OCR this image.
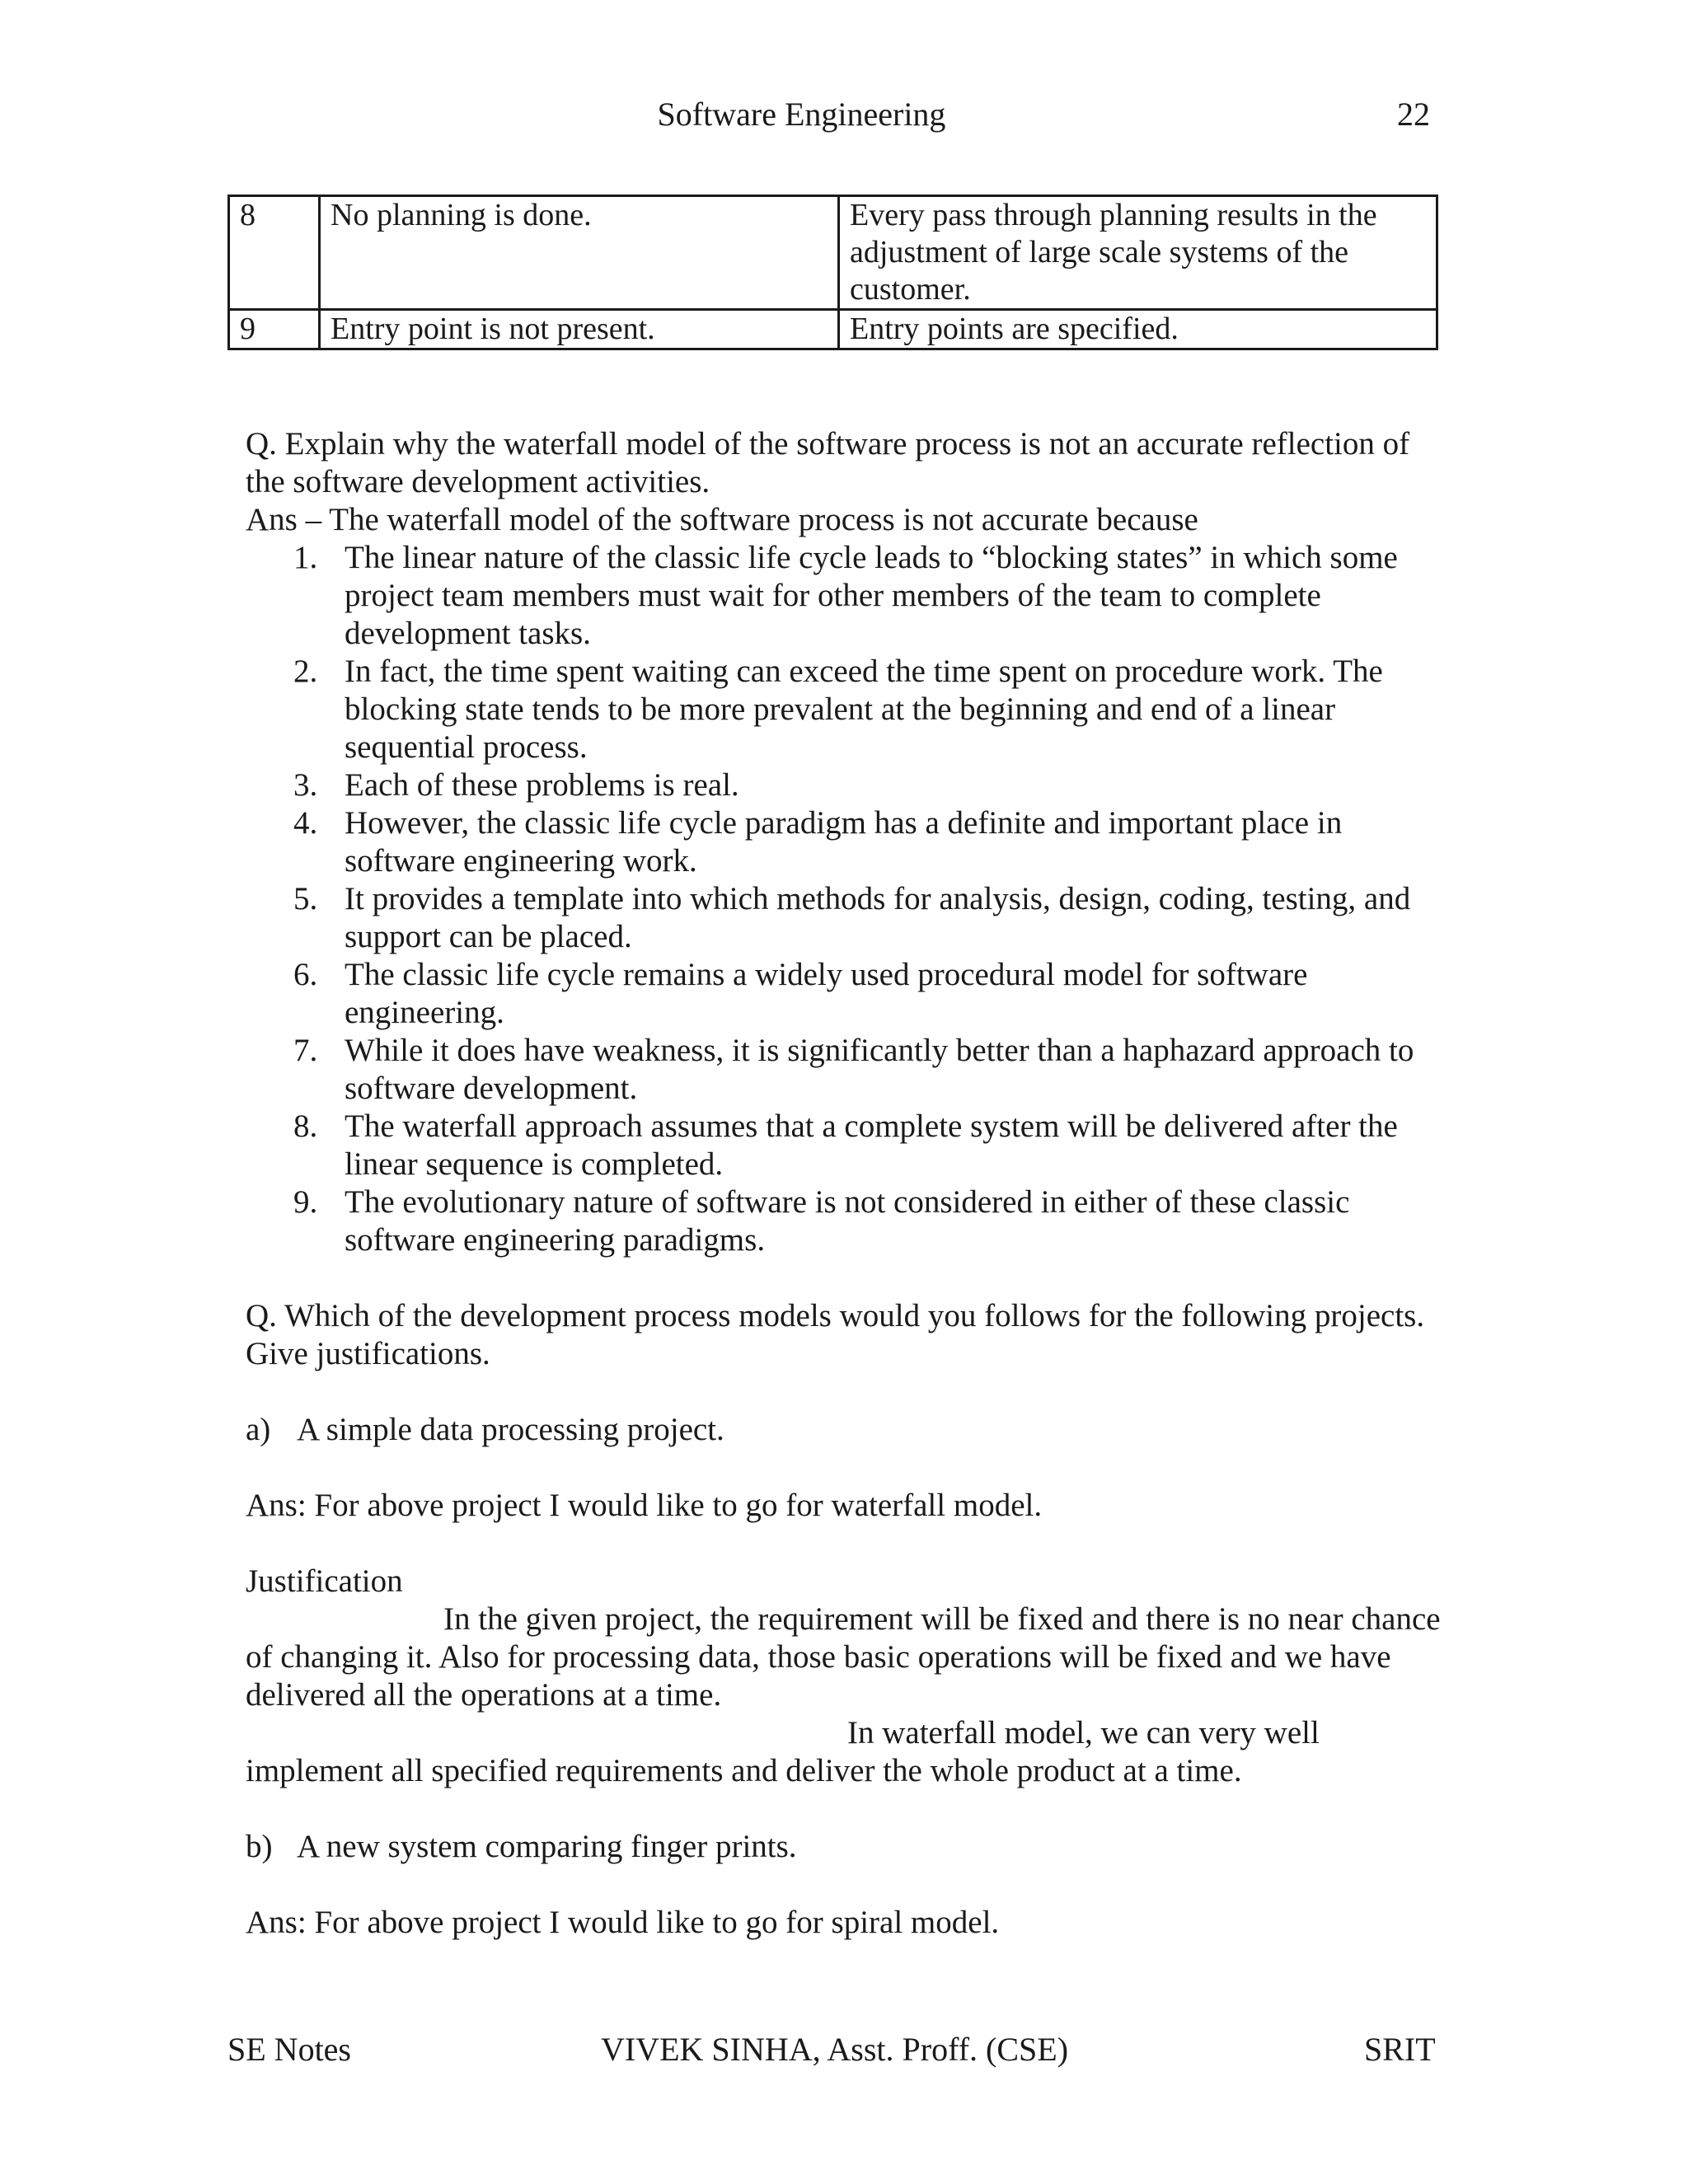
Software Engineering	22
8	No planning is done.	Every pass through planning results in the adjustment of large scale systems of the customer.
9	Entry point is not present.	Entry points are specified.

Q. Explain why the waterfall model of the software process is not an accurate reflection of the software development activities.

Ans – The waterfall model of the software process is not accurate because

1. The linear nature of the classic life cycle leads to “blocking states” in which some project team members must wait for other members of the team to complete development tasks.
2. In fact, the time spent waiting can exceed the time spent on procedure work. The blocking state tends to be more prevalent at the beginning and end of a linear sequential process.
3. Each of these problems is real.
4. However, the classic life cycle paradigm has a definite and important place in software engineering work.
5. It provides a template into which methods for analysis, design, coding, testing, and support can be placed.
6. The classic life cycle remains a widely used procedural model for software engineering.
7. While it does have weakness, it is significantly better than a haphazard approach to software development.
8. The waterfall approach assumes that a complete system will be delivered after the linear sequence is completed.
9. The evolutionary nature of software is not considered in either of these classic software engineering paradigms.

Q. Which of the development process models would you follows for the following projects. Give justifications.

a) A simple data processing project.

Ans: For above project I would like to go for waterfall model.

Justification

In the given project, the requirement will be fixed and there is no near chance of changing it. Also for processing data, those basic operations will be fixed and we have delivered all the operations at a time.

In waterfall model, we can very well implement all specified requirements and deliver the whole product at a time.

b) A new system comparing finger prints.

Ans: For above project I would like to go for spiral model.

SE Notes	VIVEK SINHA, Asst. Proff. (CSE)	SRIT
